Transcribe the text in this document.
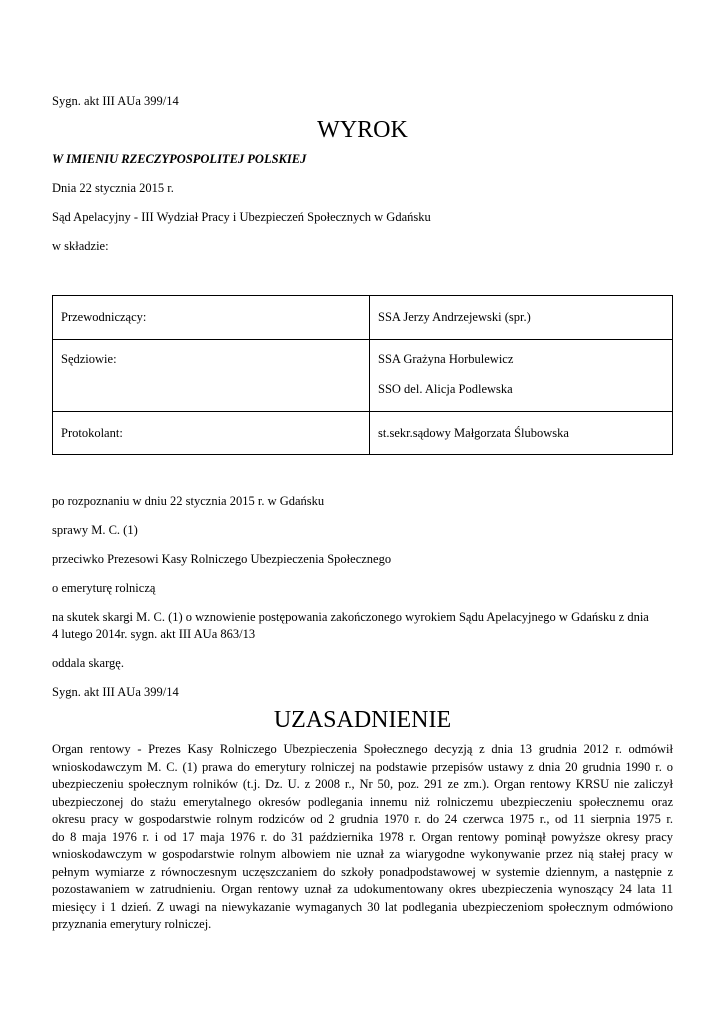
Sygn. akt III AUa 399/14
WYROK
W IMIENIU RZECZYPOSPOLITEJ POLSKIEJ
Dnia 22 stycznia 2015 r.
Sąd Apelacyjny - III Wydział Pracy i Ubezpieczeń Społecznych w Gdańsku
w składzie:
Przewodniczący:	SSA Jerzy Andrzejewski (spr.)

Sędziowie:	SSA Grażyna Horbulewicz
SSO del. Alicja Podlewska

Protokolant:	st.sekr.sądowy Małgorzata Ślubowska
po rozpoznaniu w dniu 22 stycznia 2015 r. w Gdańsku
sprawy M. C. (1)
przeciwko Prezesowi Kasy Rolniczego Ubezpieczenia Społecznego
o emeryturę rolniczą
na skutek skargi M. C. (1) o wznowienie postępowania zakończonego wyrokiem Sądu Apelacyjnego w Gdańsku z dnia
4 lutego 2014r. sygn. akt III AUa 863/13
oddala skargę.
Sygn. akt III AUa 399/14
UZASADNIENIE
Organ rentowy - Prezes Kasy Rolniczego Ubezpieczenia Społecznego decyzją z dnia 13 grudnia 2012 r. odmówił
wnioskodawczym M. C. (1) prawa do emerytury rolniczej na podstawie przepisów ustawy z dnia 20 grudnia 1990 r. o
ubezpieczeniu społecznym rolników (t.j. Dz. U. z 2008 r., Nr 50, poz. 291 ze zm.). Organ rentowy KRSU nie zaliczył
ubezpieczonej do stażu emerytalnego okresów podlegania innemu niż rolniczemu ubezpieczeniu społecznemu oraz
okresu pracy w gospodarstwie rolnym rodziców od 2 grudnia 1970 r. do 24 czerwca 1975 r., od 11 sierpnia 1975 r.
do 8 maja 1976 r. i od 17 maja 1976 r. do 31 października 1978 r. Organ rentowy pominął powyższe okresy pracy
wnioskodawczym w gospodarstwie rolnym albowiem nie uznał za wiarygodne wykonywanie przez nią stałej pracy w
pełnym wymiarze z równoczesnym uczęszczaniem do szkoły ponadpodstawowej w systemie dziennym, a następnie z
pozostawaniem w zatrudnieniu. Organ rentowy uznał za udokumentowany okres ubezpieczenia wynoszący 24 lata 11
miesięcy i 1 dzień. Z uwagi na niewykazanie wymaganych 30 lat podlegania ubezpieczeniom społecznym odmówiono
przyznania emerytury rolniczej.
